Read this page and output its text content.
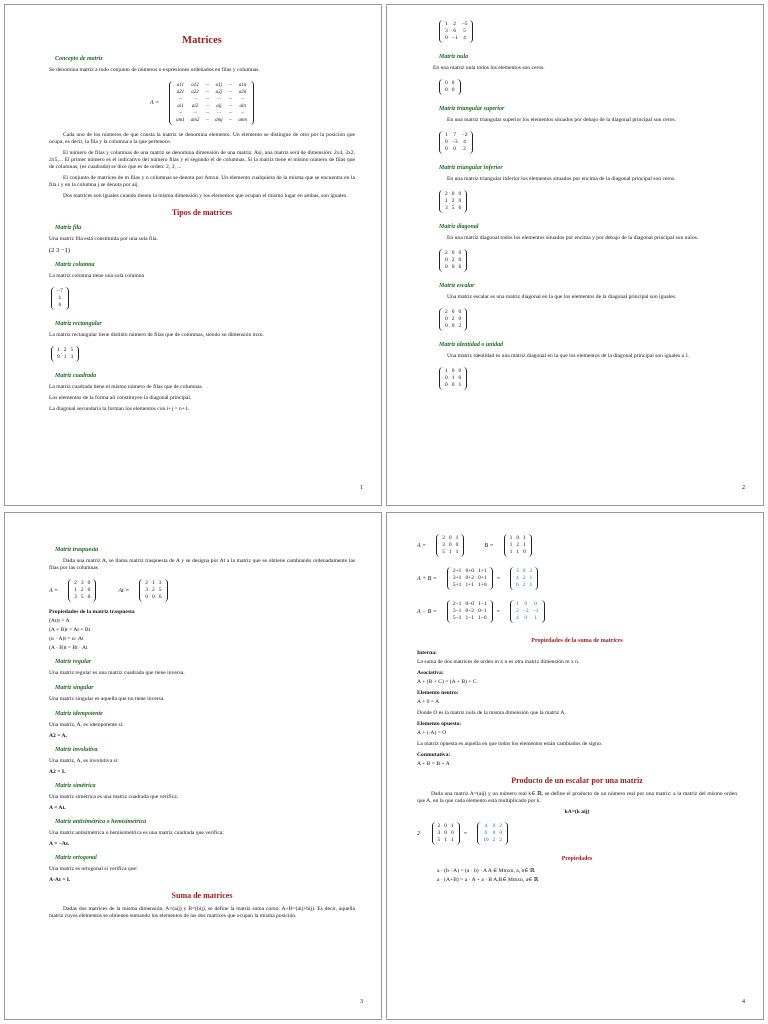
Matrices
Concepto de matriz
Se denomina matriz a todo conjunto de números o expresiones ordenados en filas y columnas.
A =
a11	a12	···	a1j	···	a1n
a21	a22	···	a2j	···	a2n
···	···	···	···	···	···
ai1	ai2	···	aij	···	ain
···	···	···	···	···	···
am1	am2	···	amj	···	amn
Cada uno de los números de que consta la matriz se denomina elemento. Un elemento se distingue de otro por la posición que ocupa, es decir, la fila y la columna a la que pertenece.
El número de filas y columnas de una matriz se denomina dimensión de una matriz. Así, una matriz será de dimensión: 2x4, 3x2, 2x5,... El primer número es el indicativo del número filas y el segundo el de columnas. Si la matriz tiene el mismo número de filas que de columnas, (es cuadrada) se dice que es de orden: 2, 3, ...
El conjunto de matrices de m filas y n columnas se denota por Amxn. Un elemento cualquiera de la misma que se encuentra en la fila i y en la columna j se denota por aij.
Dos matrices son iguales cuando tienen la misma dimensión y los elementos que ocupan el mismo lugar en ambas, son iguales.
Tipos de matrices
Matriz fila
Una matriz fila está constituida por una sola fila.
(2 3 −1)
Matriz columna
La matriz columna tiene una sola columna
−7
1
6
Matriz rectangular
La matriz rectangular tiene distinto número de filas que de columnas, siendo su dimensión mxn.
1	2	5
9	1	3
Matriz cuadrada
La matriz cuadrada tiene el mismo número de filas que de columnas.
Los elementos de la forma aii constituyen la diagonal principal.
La diagonal secundaria la forman los elementos con i+j = n+1.
1
1	2	−5
3	6	5
0	−1	4
Matriz nula
En una matriz nula todos los elementos son ceros.
0	0
0	0
Matriz triangular superior
En una matriz triangular superior los elementos situados por debajo de la diagonal principal son ceros.
1	7	−2
0	−3	4
0	0	2
Matriz triangular inferior
En una matriz triangular inferior los elementos situados por encima de la diagonal principal son ceros.
2	0	0
1	2	0
3	5	6
Matriz diagonal
En una matriz diagonal todos los elementos situados por encima y por debajo de la diagonal principal son nulos.
2	0	0
0	2	0
0	0	6
Matriz escalar
Una matriz escalar es una matriz diagonal en la que los elementos de la diagonal principal son iguales.
2	0	0
0	2	0
0	0	2
Matriz identidad o unidad
Una matriz identidad es una matriz diagonal en la que los elementos de la diagonal principal son iguales a 1.
1	0	0
0	1	0
0	0	1
2
Matriz traspuesta
Dada una matriz A, se llama matriz traspuesta de A y se designa por At a la matriz que se obtiene cambiando ordenadamente las filas por las columnas
A =
2	3	0
1	2	0
3	5	6
At =
2	1	3
3	2	5
0	0	6
Propiedades de la matriz traspuesta
(At)t = A
(A + B)t = At + Bt
(α · A)t = α· At
(A · B)t = Bt · At
Matriz regular
Una matriz regular es una matriz cuadrada que tiene inversa.
Matriz singular
Una matriz singular es aquella que no tiene inversa.
Matriz idempotente
Una matriz, A, es idempotente si:
A2 = A.
Matriz involutiva
Una matriz, A, es involutiva si:
A2 = I.
Matriz simétrica
Una matriz simétrica es una matriz cuadrada que verifica:
A = At.
Matriz antisimétrica o hemisimétrica
Una matriz antisimétrica o hemisimétrica es una matriz cuadrada que verifica:
A = −At.
Matriz ortogonal
Una matriz es ortogonal si verifica que:
A·At = I.
Suma de matrices
Dadas dos matrices de la misma dimensión, A=(aij) y B=(bij), se define la matriz suma como: A+B=(aij+bij). Es decir, aquella matriz cuyos elementos se obtienen sumando los elementos de las dos matrices que ocupan la misma posición.
3
A =
2	0	1
3	0	0
5	1	1
B =
1	0	1
1	2	1
1	1	0
A + B =
2+1	0+0	1+1
3+1	0+2	0+1
5+1	1+1	1+0
=
3	0	2
4	2	1
6	2	1
A − B =
2−1	0−0	1−1
3−1	0−2	0−1
5−1	1−1	1−0
=
1	0	0
2	−2	−1
4	0	1
Propiedades de la suma de matrices
Interna:
La suma de dos matrices de orden m x n es otra matriz dimensión m x n.
Asociativa:
A + (B + C) = (A + B) + C
Elemento neutro:
A + 0 = A
Donde O es la matriz nula de la misma dimensión que la matriz A.
Elemento opuesto:
A + (-A) = O
La matriz opuesta es aquella en que todos los elementos están cambiados de signo.
Conmutativa:
A + B = B + A
Producto de un escalar por una matriz
Dada una matriz A=(aij) y un número real k∈ ℝ, se define el producto de un número real por una matriz: a la matriz del mismo orden que A, en la que cada elemento está multiplicado por k.
kA=(k aij)
2·
2	0	1
3	0	0
5	1	1
=
4	0	2
6	0	0
10	2	2
Propiedades
a · (b · A) = (a · b) · A A ∈ Mmxn, a, b∈ ℝ
a · (A+B) = a · A + a · B A,B∈ Mmxn, a∈ ℝ
4
